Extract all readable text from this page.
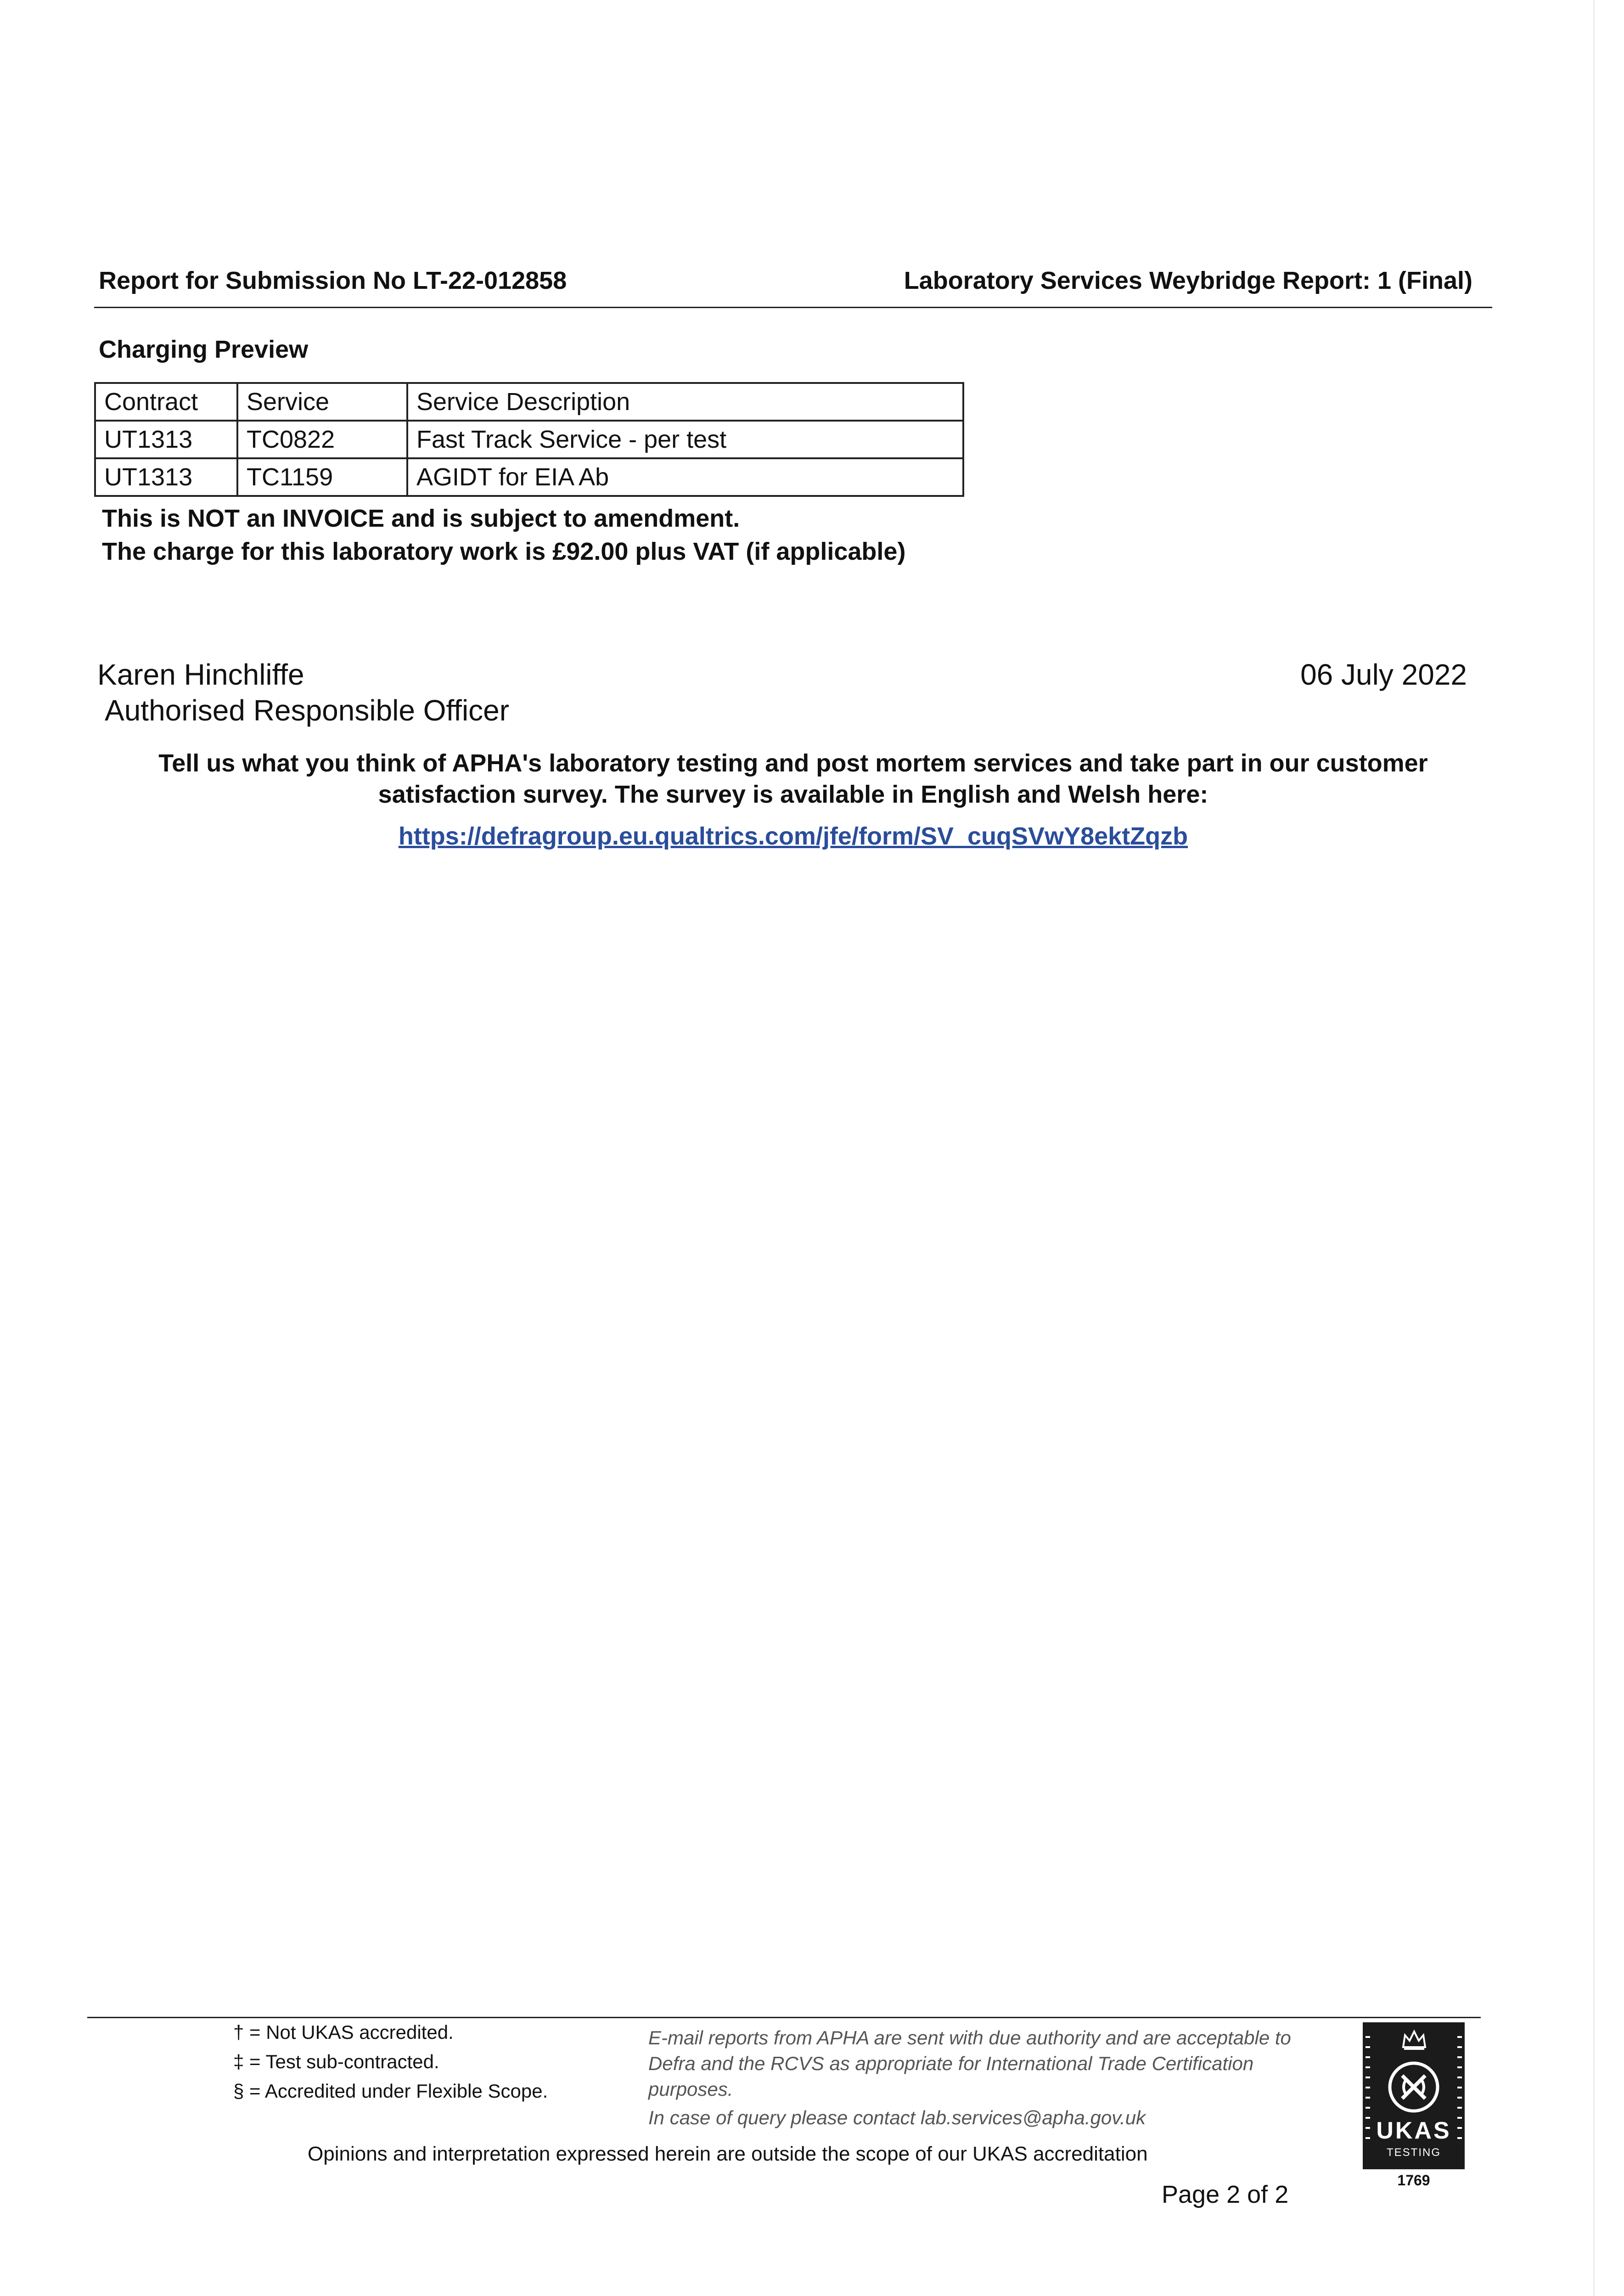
Report for Submission No LT-22-012858	Laboratory Services Weybridge Report: 1 (Final)
Charging Preview
Contract	Service	Service Description
UT1313	TC0822	Fast Track Service - per test
UT1313	TC1159	AGIDT for EIA Ab
This is NOT an INVOICE and is subject to amendment.
The charge for this laboratory work is £92.00 plus VAT (if applicable)
Karen Hinchliffe
Authorised Responsible Officer
06 July 2022
Tell us what you think of APHA's laboratory testing and post mortem services and take part in our customer
satisfaction survey. The survey is available in English and Welsh here:
https://defragroup.eu.qualtrics.com/jfe/form/SV_cuqSVwY8ektZqzb
† = Not UKAS accredited.
‡ = Test sub-contracted.
§ = Accredited under Flexible Scope.
E-mail reports from APHA are sent with due authority and are acceptable to Defra and the RCVS as appropriate for International Trade Certification purposes.
In case of query please contact lab.services@apha.gov.uk
Opinions and interpretation expressed herein are outside the scope of our UKAS accreditation
Page 2 of 2
UKAS
TESTING
1769
